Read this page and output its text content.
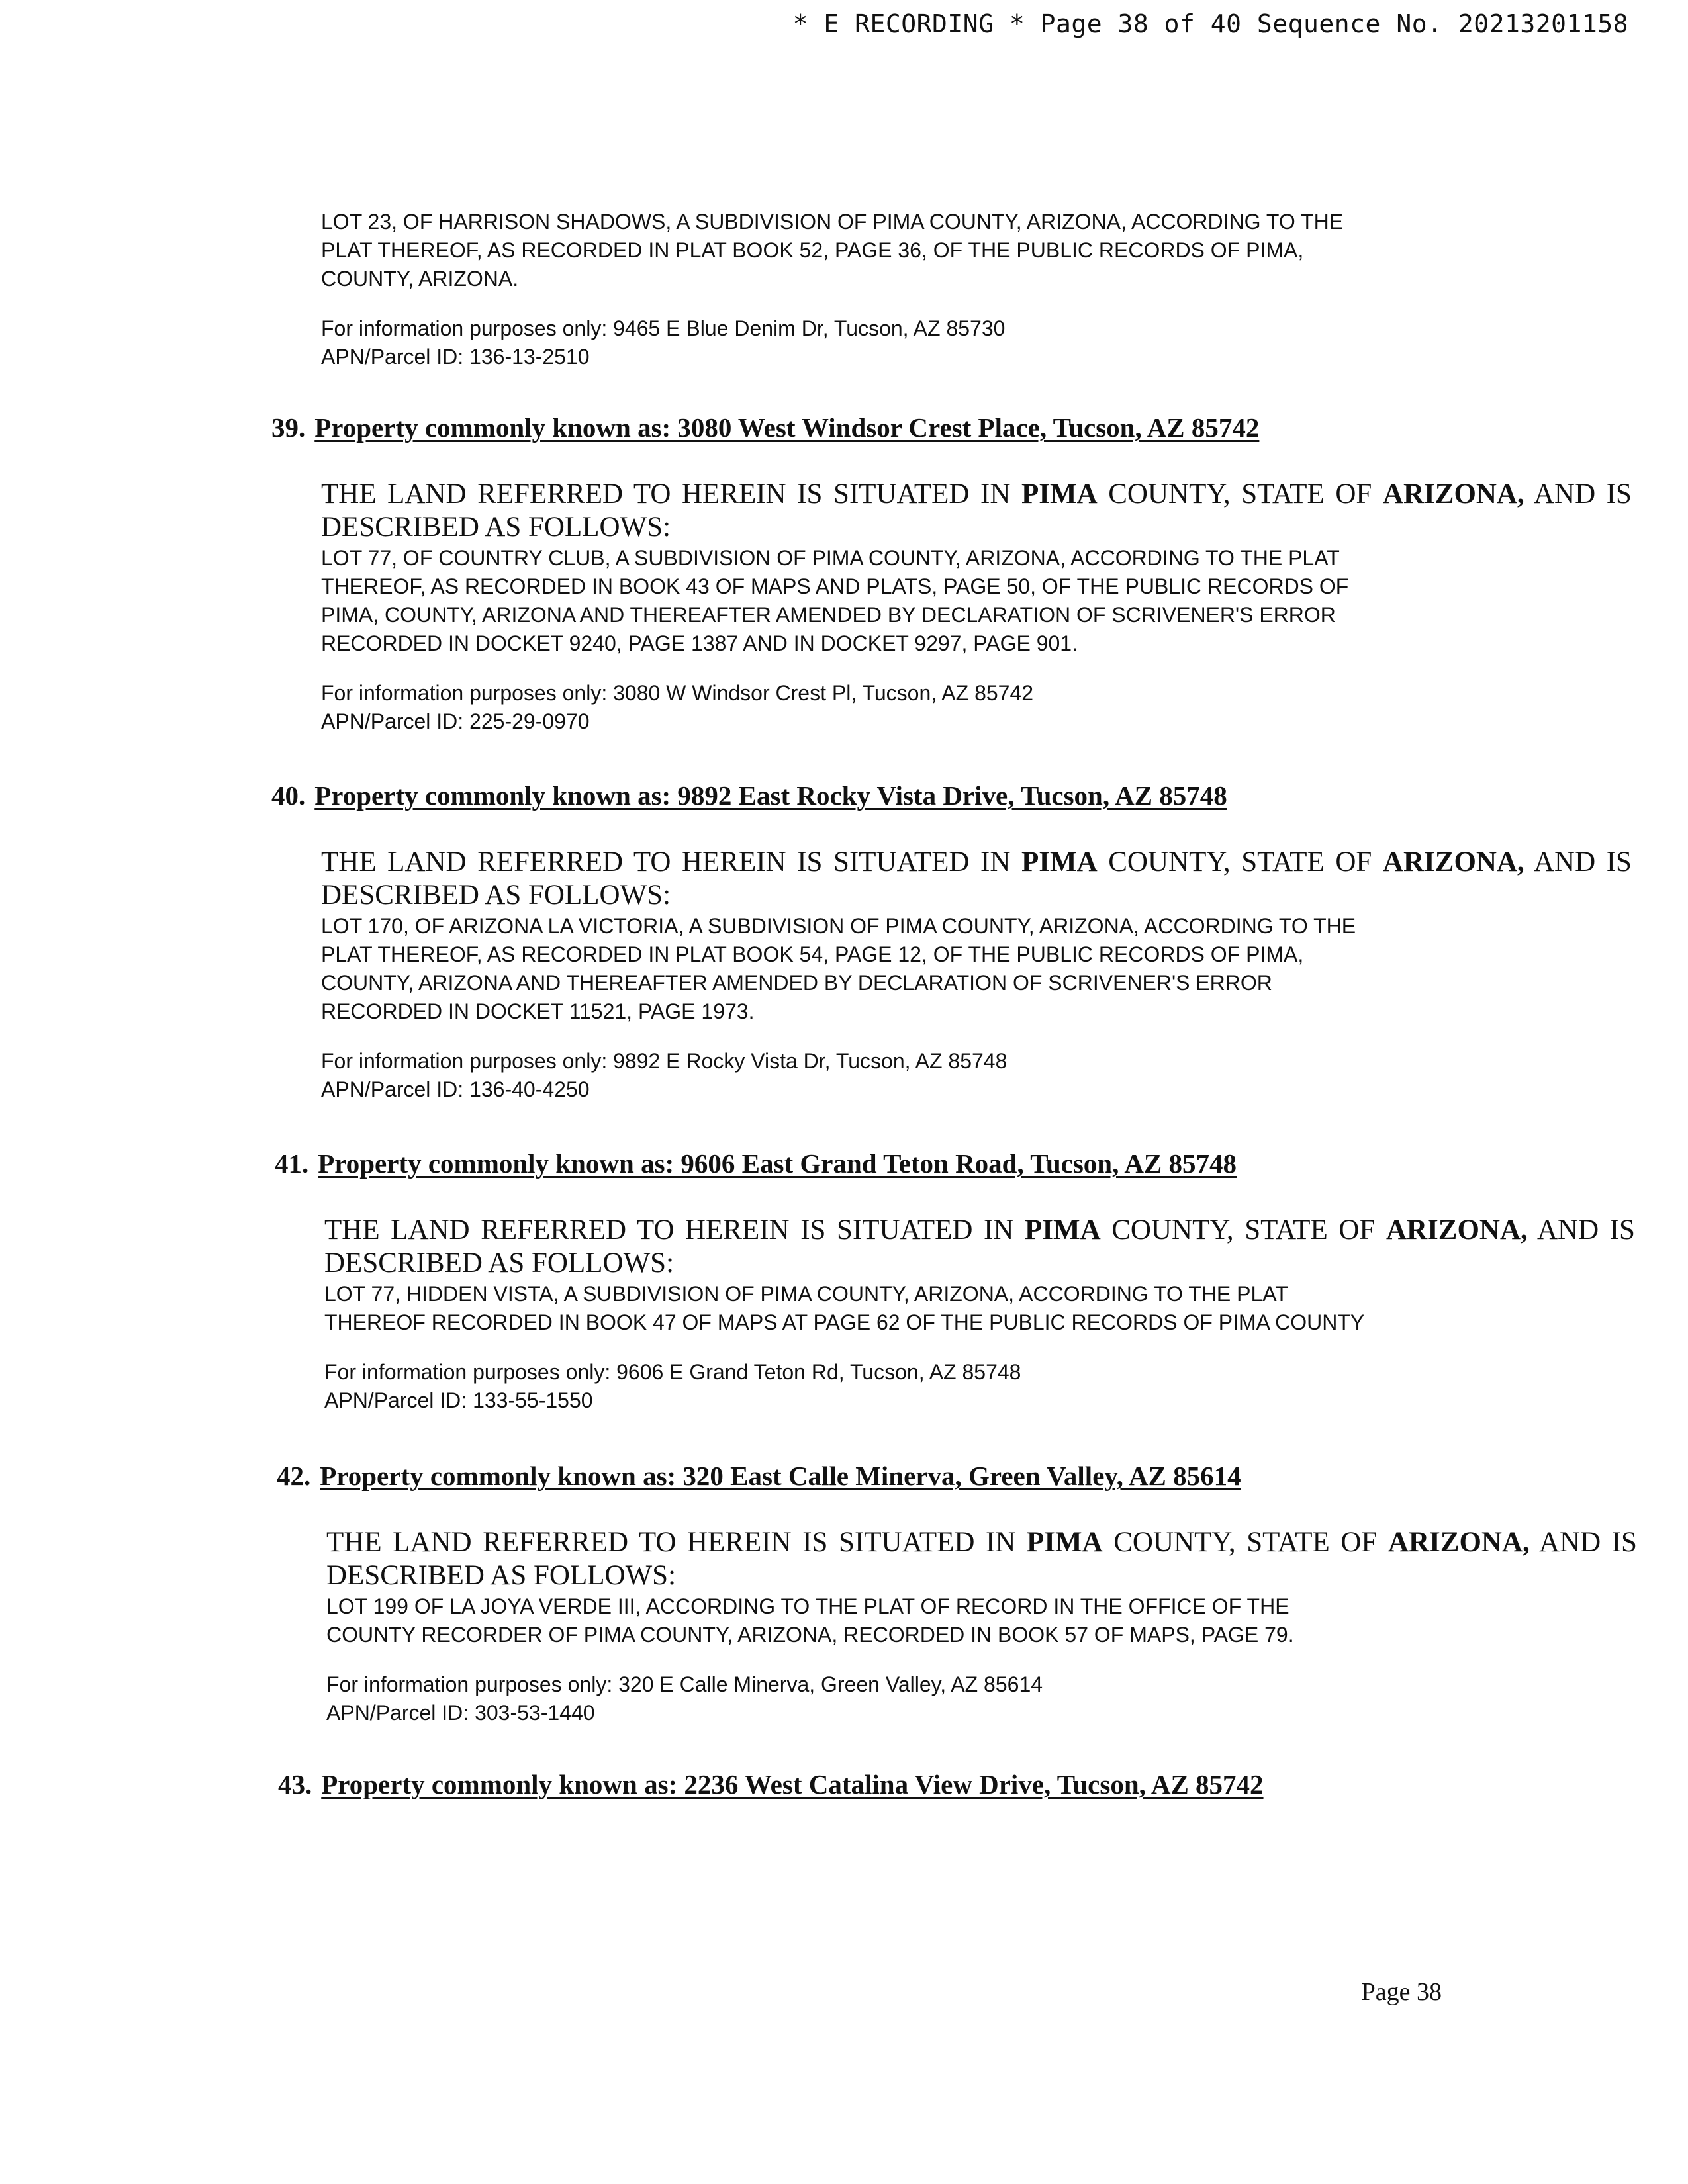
* E RECORDING * Page 38 of 40 Sequence No. 20213201158

LOT 23, OF HARRISON SHADOWS, A SUBDIVISION OF PIMA COUNTY, ARIZONA, ACCORDING TO THE
PLAT THEREOF, AS RECORDED IN PLAT BOOK 52, PAGE 36, OF THE PUBLIC RECORDS OF PIMA,
COUNTY, ARIZONA.

For information purposes only: 9465 E Blue Denim Dr, Tucson, AZ 85730

APN/Parcel ID: 136-13-2510

39. Property commonly known as: 3080 West Windsor Crest Place, Tucson, AZ 85742

THE LAND REFERRED TO HEREIN IS SITUATED IN PIMA COUNTY, STATE OF ARIZONA, AND IS DESCRIBED AS FOLLOWS:

LOT 77, OF COUNTRY CLUB, A SUBDIVISION OF PIMA COUNTY, ARIZONA, ACCORDING TO THE PLAT
THEREOF, AS RECORDED IN BOOK 43 OF MAPS AND PLATS, PAGE 50, OF THE PUBLIC RECORDS OF
PIMA, COUNTY, ARIZONA AND THEREAFTER AMENDED BY DECLARATION OF SCRIVENER'S ERROR
RECORDED IN DOCKET 9240, PAGE 1387 AND IN DOCKET 9297, PAGE 901.

For information purposes only: 3080 W Windsor Crest Pl, Tucson, AZ 85742

APN/Parcel ID: 225-29-0970

40. Property commonly known as: 9892 East Rocky Vista Drive, Tucson, AZ 85748

THE LAND REFERRED TO HEREIN IS SITUATED IN PIMA COUNTY, STATE OF ARIZONA, AND IS DESCRIBED AS FOLLOWS:

LOT 170, OF ARIZONA LA VICTORIA, A SUBDIVISION OF PIMA COUNTY, ARIZONA, ACCORDING TO THE
PLAT THEREOF, AS RECORDED IN PLAT BOOK 54, PAGE 12, OF THE PUBLIC RECORDS OF PIMA,
COUNTY, ARIZONA AND THEREAFTER AMENDED BY DECLARATION OF SCRIVENER'S ERROR
RECORDED IN DOCKET 11521, PAGE 1973.

For information purposes only: 9892 E Rocky Vista Dr, Tucson, AZ 85748

APN/Parcel ID: 136-40-4250

41. Property commonly known as: 9606 East Grand Teton Road, Tucson, AZ 85748

THE LAND REFERRED TO HEREIN IS SITUATED IN PIMA COUNTY, STATE OF ARIZONA, AND IS DESCRIBED AS FOLLOWS:

LOT 77, HIDDEN VISTA, A SUBDIVISION OF PIMA COUNTY, ARIZONA, ACCORDING TO THE PLAT
THEREOF RECORDED IN BOOK 47 OF MAPS AT PAGE 62 OF THE PUBLIC RECORDS OF PIMA COUNTY

For information purposes only: 9606 E Grand Teton Rd, Tucson, AZ 85748

APN/Parcel ID: 133-55-1550

42. Property commonly known as: 320 East Calle Minerva, Green Valley, AZ 85614

THE LAND REFERRED TO HEREIN IS SITUATED IN PIMA COUNTY, STATE OF ARIZONA, AND IS DESCRIBED AS FOLLOWS:

LOT 199 OF LA JOYA VERDE III, ACCORDING TO THE PLAT OF RECORD IN THE OFFICE OF THE
COUNTY RECORDER OF PIMA COUNTY, ARIZONA, RECORDED IN BOOK 57 OF MAPS, PAGE 79.

For information purposes only: 320 E Calle Minerva, Green Valley, AZ 85614

APN/Parcel ID: 303-53-1440

43. Property commonly known as: 2236 West Catalina View Drive, Tucson, AZ 85742
Page 38
